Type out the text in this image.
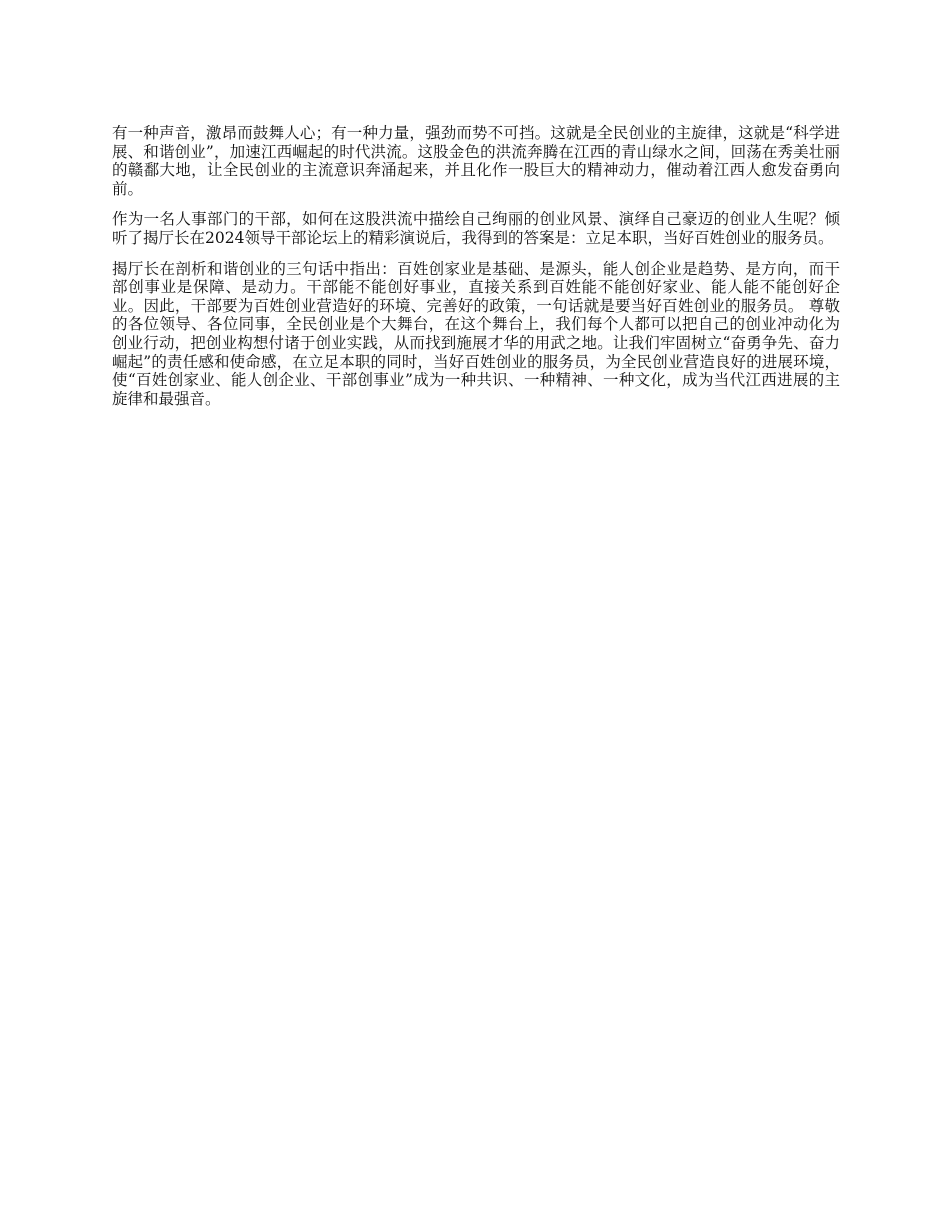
有一种声音，激昂而鼓舞人心；有一种力量，强劲而势不可挡。这就是全民创业的主旋律，这就是“科学进展、和谐创业”，加速江西崛起的时代洪流。这股金色的洪流奔腾在江西的青山绿水之间，回荡在秀美壮丽的赣鄱大地，让全民创业的主流意识奔涌起来，并且化作一股巨大的精神动力，催动着江西人愈发奋勇向前。

作为一名人事部门的干部，如何在这股洪流中描绘自己绚丽的创业风景、演绎自己豪迈的创业人生呢？倾听了揭厅长在2024领导干部论坛上的精彩演说后，我得到的答案是：立足本职，当好百姓创业的服务员。

揭厅长在剖析和谐创业的三句话中指出：百姓创家业是基础、是源头，能人创企业是趋势、是方向，而干部创事业是保障、是动力。干部能不能创好事业，直接关系到百姓能不能创好家业、能人能不能创好企业。因此，干部要为百姓创业营造好的环境、完善好的政策，一句话就是要当好百姓创业的服务员。 尊敬的各位领导、各位同事，全民创业是个大舞台，在这个舞台上，我们每个人都可以把自己的创业冲动化为创业行动，把创业构想付诸于创业实践，从而找到施展才华的用武之地。让我们牢固树立“奋勇争先、奋力崛起”的责任感和使命感，在立足本职的同时，当好百姓创业的服务员，为全民创业营造良好的进展环境，使“百姓创家业、能人创企业、干部创事业”成为一种共识、一种精神、一种文化，成为当代江西进展的主旋律和最强音。
